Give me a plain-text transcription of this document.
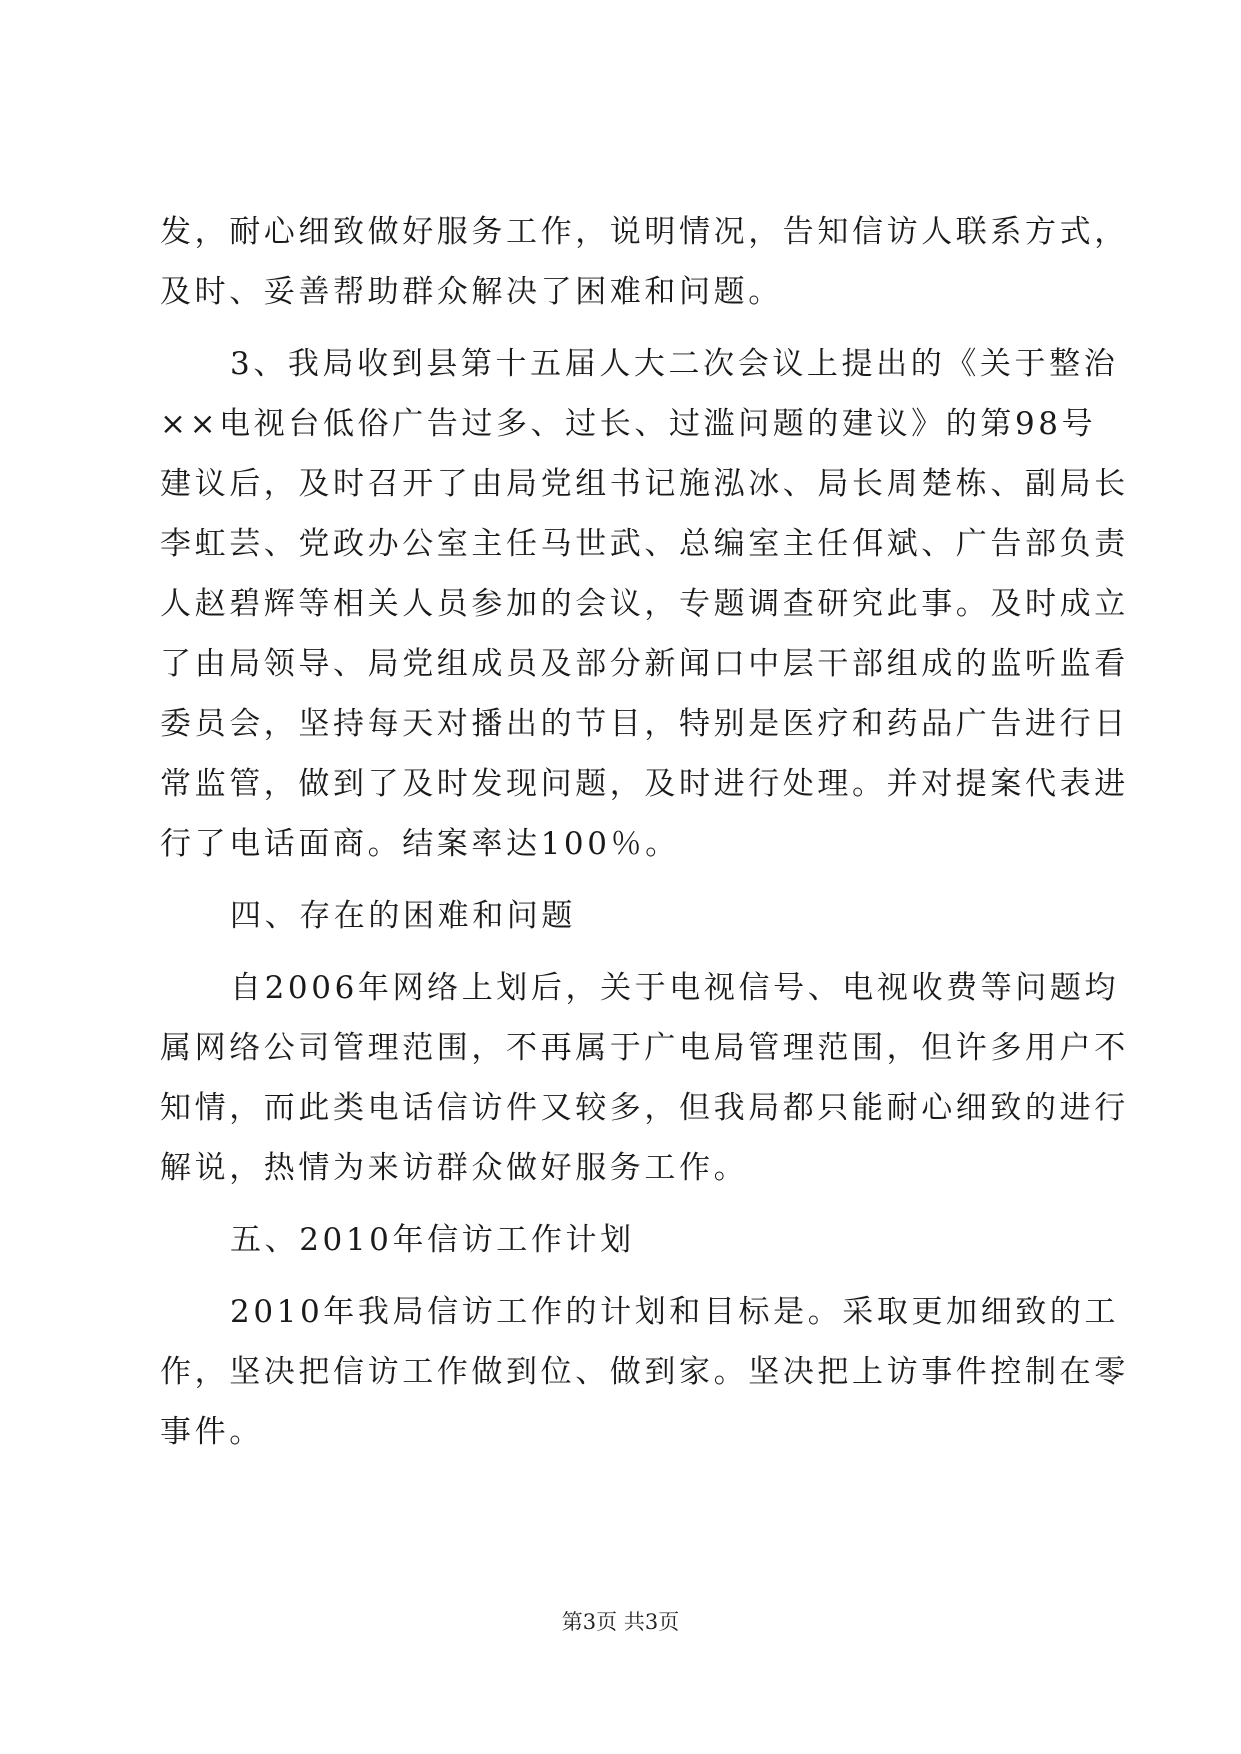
发，耐心细致做好服务工作，说明情况，告知信访人联系方式，
及时、妥善帮助群众解决了困难和问题。
3、我局收到县第十五届人大二次会议上提出的《关于整治
××电视台低俗广告过多、过长、过滥问题的建议》的第98号
建议后，及时召开了由局党组书记施泓冰、局长周楚栋、副局长
李虹芸、党政办公室主任马世武、总编室主任佴斌、广告部负责
人赵碧辉等相关人员参加的会议，专题调查研究此事。及时成立
了由局领导、局党组成员及部分新闻口中层干部组成的监听监看
委员会，坚持每天对播出的节目，特别是医疗和药品广告进行日
常监管，做到了及时发现问题，及时进行处理。并对提案代表进
行了电话面商。结案率达100％。
四、存在的困难和问题
自2006年网络上划后，关于电视信号、电视收费等问题均
属网络公司管理范围，不再属于广电局管理范围，但许多用户不
知情，而此类电话信访件又较多，但我局都只能耐心细致的进行
解说，热情为来访群众做好服务工作。
五、2010年信访工作计划
2010年我局信访工作的计划和目标是。采取更加细致的工
作，坚决把信访工作做到位、做到家。坚决把上访事件控制在零
事件。
第3页 共3页
